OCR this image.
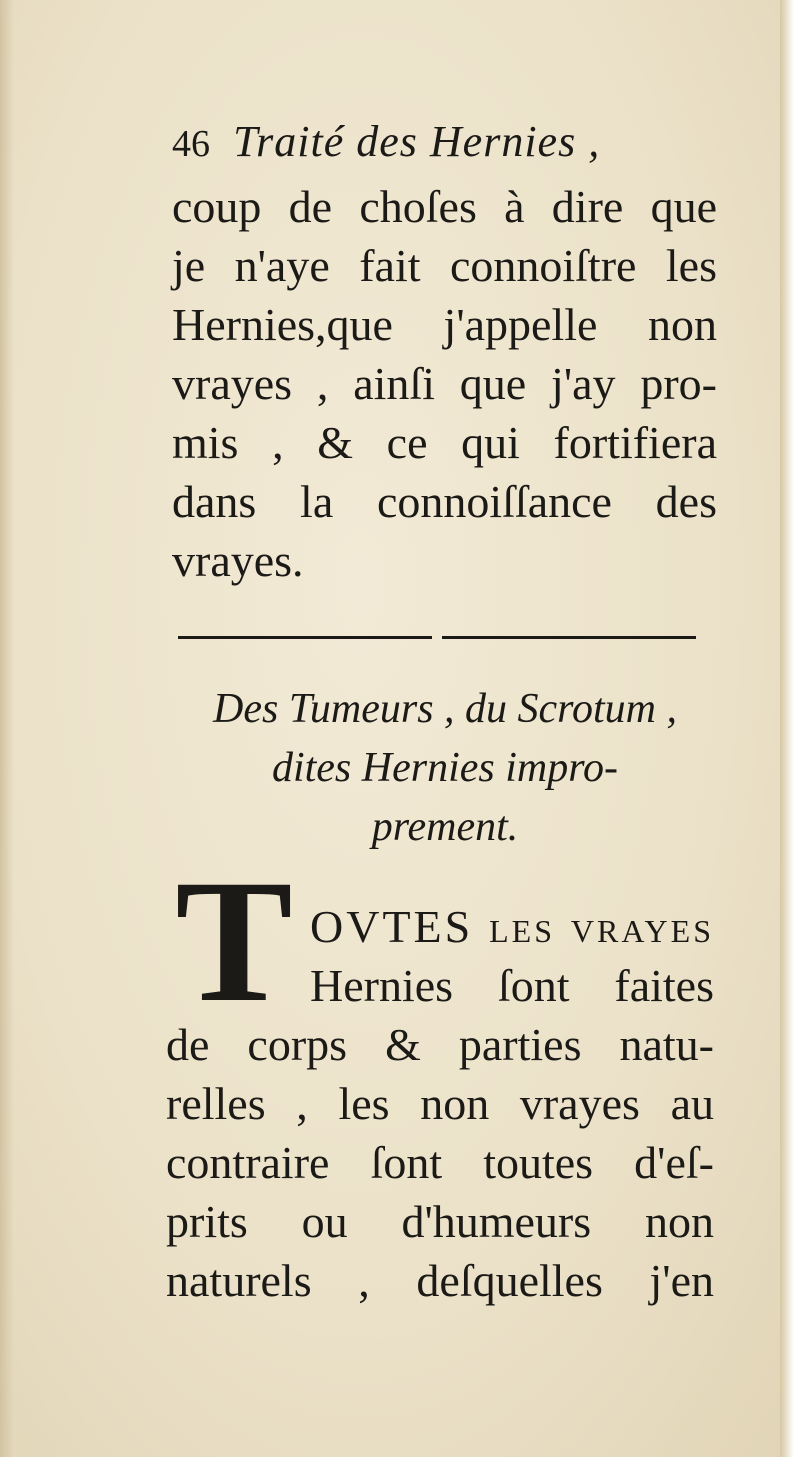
46 Traité des Hernies ,
coup de choſes à dire que
je n'aye fait connoiſtre les
Hernies,que j'appelle non
vrayes , ainſi que j'ay pro-
mis , & ce qui fortifiera
dans la connoiſſance des
vrayes.
Des Tumeurs , du Scrotum ,
dites Hernies impro-
prement.
T OVTES les vrayes
Hernies ſont faites
de corps & parties natu-
relles , les non vrayes au
contraire ſont toutes d'eſ-
prits ou d'humeurs non
naturels , deſquelles j'en
